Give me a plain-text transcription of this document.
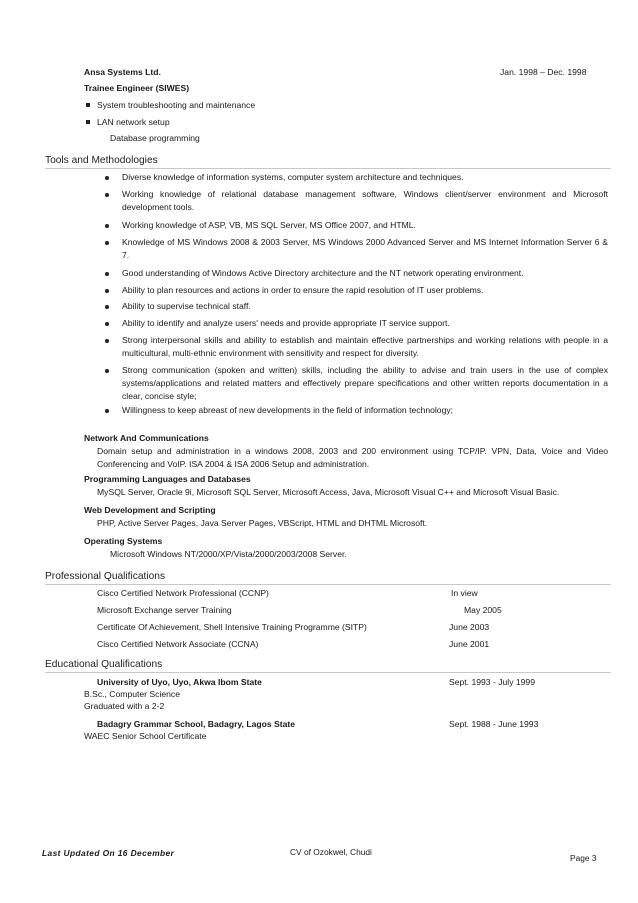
Ansa Systems Ltd.	Jan. 1998 – Dec. 1998
Trainee Engineer (SIWES)
System troubleshooting and maintenance
LAN network setup
Database programming
Tools and Methodologies
Diverse knowledge of information systems, computer system architecture and techniques.
Working knowledge of relational database management software, Windows client/server environment and Microsoft development tools.
Working knowledge of ASP, VB, MS SQL Server, MS Office 2007, and HTML.
Knowledge of MS Windows 2008 & 2003 Server, MS Windows 2000 Advanced Server and MS Internet Information Server 6 & 7.
Good understanding of Windows Active Directory architecture and the NT network operating environment.
Ability to plan resources and actions in order to ensure the rapid resolution of IT user problems.
Ability to supervise technical staff.
Ability to identify and analyze users' needs and provide appropriate IT service support.
Strong interpersonal skills and ability to establish and maintain effective partnerships and working relations with people in a multicultural, multi-ethnic environment with sensitivity and respect for diversity.
Strong communication (spoken and written) skills, including the ability to advise and train users in the use of complex systems/applications and related matters and effectively prepare specifications and other written reports documentation in a clear, concise style;
Willingness to keep abreast of new developments in the field of information technology;
Network And Communications
Domain setup and administration in a windows 2008, 2003 and 200 environment using TCP/IP. VPN, Data, Voice and Video Conferencing and VoIP. ISA 2004 & ISA 2006 Setup and administration.
Programming Languages and Databases
MySQL Server, Oracle 9i, Microsoft SQL Server, Microsoft Access, Java, Microsoft Visual C++ and Microsoft Visual Basic.
Web Development and Scripting
PHP, Active Server Pages, Java Server Pages, VBScript, HTML and DHTML Microsoft.
Operating Systems
Microsoft Windows NT/2000/XP/Vista/2000/2003/2008 Server.
Professional Qualifications
Cisco Certified Network Professional (CCNP)	In view
Microsoft Exchange server Training	May 2005
Certificate Of Achievement, Shell Intensive Training Programme (SITP)	June 2003
Cisco Certified Network Associate (CCNA)	June 2001
Educational Qualifications
University of Uyo, Uyo, Akwa Ibom State	Sept. 1993 - July 1999
B.Sc., Computer Science
Graduated with a 2-2
Badagry Grammar School, Badagry, Lagos State	Sept. 1988 - June 1993
WAEC Senior School Certificate
Last Updated On 16 December	CV of Ozokwel, Chudi
Page 3
